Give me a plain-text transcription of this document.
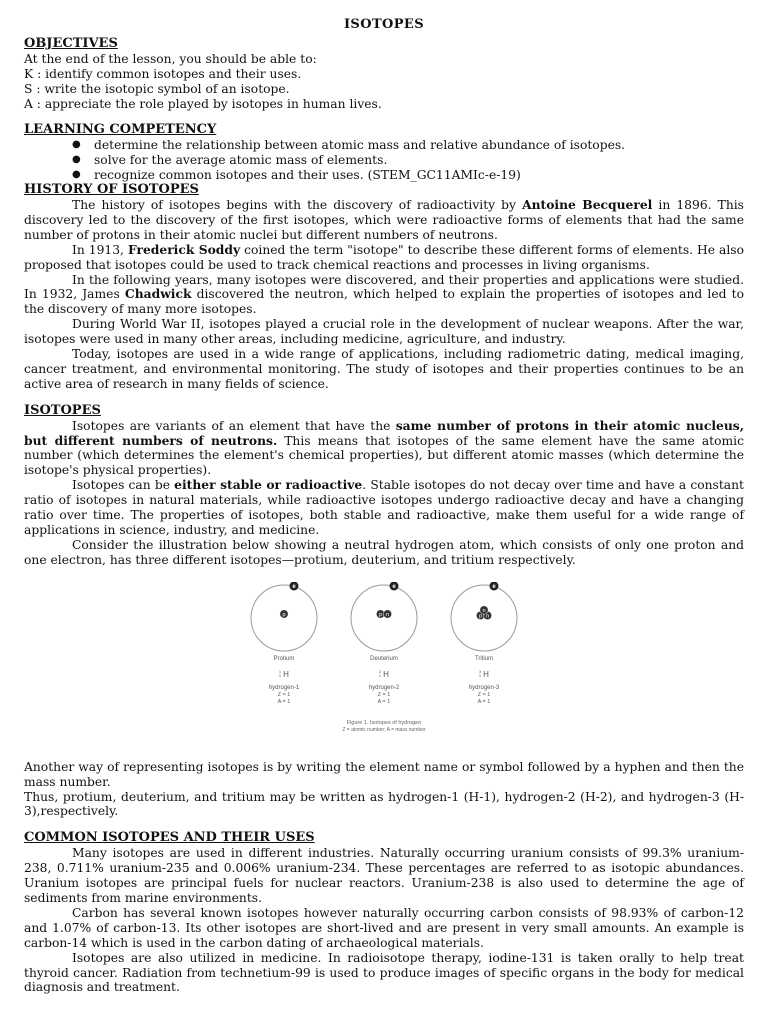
ISOTOPES

OBJECTIVES

At the end of the lesson, you should be able to:

K : identify common isotopes and their uses.

S : write the isotopic symbol of an isotope.

A : appreciate the role played by isotopes in human lives.

LEARNING COMPETENCY

● determine the relationship between atomic mass and relative abundance of isotopes.
● solve for the average atomic mass of elements.
● recognize common isotopes and their uses. (STEM_GC11AMIc-e-19)

HISTORY OF ISOTOPES

The history of isotopes begins with the discovery of radioactivity by Antoine Becquerel in 1896. This discovery led to the discovery of the first isotopes, which were radioactive forms of elements that had the same number of protons in their atomic nuclei but different numbers of neutrons.

In 1913, Frederick Soddy coined the term "isotope" to describe these different forms of elements. He also proposed that isotopes could be used to track chemical reactions and processes in living organisms.

In the following years, many isotopes were discovered, and their properties and applications were studied. In 1932, James Chadwick discovered the neutron, which helped to explain the properties of isotopes and led to the discovery of many more isotopes.

During World War II, isotopes played a crucial role in the development of nuclear weapons. After the war, isotopes were used in many other areas, including medicine, agriculture, and industry.

Today, isotopes are used in a wide range of applications, including radiometric dating, medical imaging, cancer treatment, and environmental monitoring. The study of isotopes and their properties continues to be an active area of research in many fields of science.

ISOTOPES

Isotopes are variants of an element that have the same number of protons in their atomic nucleus, but different numbers of neutrons. This means that isotopes of the same element have the same atomic number (which determines the element's chemical properties), but different atomic masses (which determine the isotope's physical properties).

Isotopes can be either stable or radioactive. Stable isotopes do not decay over time and have a constant ratio of isotopes in natural materials, while radioactive isotopes undergo radioactive decay and have a changing ratio over time. The properties of isotopes, both stable and radioactive, make them useful for a wide range of applications in science, industry, and medicine.

Consider the illustration below showing a neutral hydrogen atom, which consists of only one proton and one electron, has three different isotopes—protium, deuterium, and tritium respectively.

e
p
Protium
1
1 H
hydrogen-1
Z = 1
A = 1
e
p n
Deuterium
2
1 H
hydrogen-2
Z = 1
A = 1
e
p n
n
Tritium
3
1 H
hydrogen-3
Z = 1
A = 1
Figure 1. Isotopes of hydrogen
Z = atomic number; A = mass number

Another way of representing isotopes is by writing the element name or symbol followed by a hyphen and then the mass number.

Thus, protium, deuterium, and tritium may be written as hydrogen-1 (H-1), hydrogen-2 (H-2), and hydrogen-3 (H-3),respectively.

COMMON ISOTOPES AND THEIR USES

Many isotopes are used in different industries. Naturally occurring uranium consists of 99.3% uranium-238, 0.711% uranium-235 and 0.006% uranium-234. These percentages are referred to as isotopic abundances. Uranium isotopes are principal fuels for nuclear reactors. Uranium-238 is also used to determine the age of sediments from marine environments.

Carbon has several known isotopes however naturally occurring carbon consists of 98.93% of carbon-12 and 1.07% of carbon-13. Its other isotopes are short-lived and are present in very small amounts. An example is carbon-14 which is used in the carbon dating of archaeological materials.

Isotopes are also utilized in medicine. In radioisotope therapy, iodine-131 is taken orally to help treat thyroid cancer. Radiation from technetium-99 is used to produce images of specific organs in the body for medical diagnosis and treatment.
